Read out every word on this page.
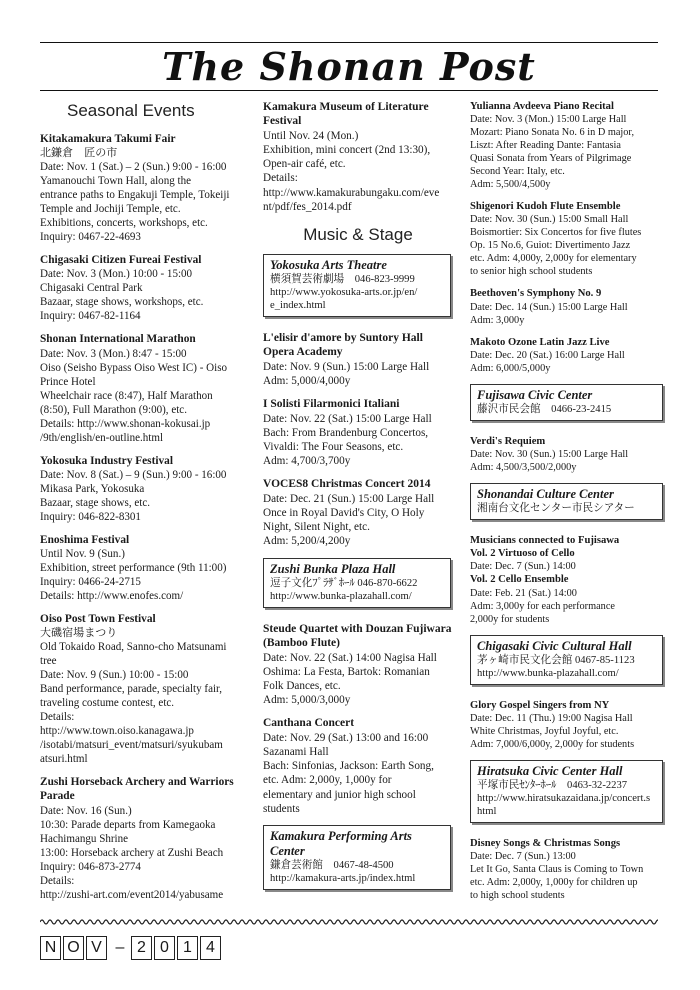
The Shonan Post
Seasonal Events
Kitakamakura Takumi Fair
北鎌倉　匠の市
Date: Nov. 1 (Sat.) – 2 (Sun.) 9:00 - 16:00
Yamanouchi Town Hall, along the
entrance paths to Engakuji Temple, Tokeiji
Temple and Jochiji Temple, etc.
Exhibitions, concerts, workshops, etc.
Inquiry: 0467-22-4693
Chigasaki Citizen Fureai Festival
Date: Nov. 3 (Mon.) 10:00 - 15:00
Chigasaki Central Park
Bazaar, stage shows, workshops, etc.
Inquiry: 0467-82-1164
Shonan International Marathon
Date: Nov. 3 (Mon.) 8:47 - 15:00
Oiso (Seisho Bypass Oiso West IC) - Oiso
Prince Hotel
Wheelchair race (8:47), Half Marathon
(8:50), Full Marathon (9:00), etc.
Details: http://www.shonan-kokusai.jp
/9th/english/en-outline.html
Yokosuka Industry Festival
Date: Nov. 8 (Sat.) – 9 (Sun.) 9:00 - 16:00
Mikasa Park, Yokosuka
Bazaar, stage shows, etc.
Inquiry: 046-822-8301
Enoshima Festival
Until Nov. 9 (Sun.)
Exhibition, street performance (9th 11:00)
Inquiry: 0466-24-2715
Details: http://www.enofes.com/
Oiso Post Town Festival
大磯宿場まつり
Old Tokaido Road, Sanno-cho Matsunami
tree
Date: Nov. 9 (Sun.) 10:00 - 15:00
Band performance, parade, specialty fair,
traveling costume contest, etc.
Details:
http://www.town.oiso.kanagawa.jp
/isotabi/matsuri_event/matsuri/syukubam
atsuri.html
Zushi Horseback Archery and Warriors Parade
Date: Nov. 16 (Sun.)
10:30: Parade departs from Kamegaoka
Hachimangu Shrine
13:00: Horseback archery at Zushi Beach
Inquiry: 046-873-2774
Details:
http://zushi-art.com/event2014/yabusame
Kamakura Museum of Literature Festival
Until Nov. 24 (Mon.)
Exhibition, mini concert (2nd 13:30),
Open-air café, etc.
Details:
http://www.kamakurabungaku.com/eve
nt/pdf/fes_2014.pdf
Music & Stage
Yokosuka Arts Theatre
横須賀芸術劇場　046-823-9999
http://www.yokosuka-arts.or.jp/en/
e_index.html
L'elisir d'amore by Suntory Hall Opera Academy
Date: Nov. 9 (Sun.) 15:00 Large Hall
Adm: 5,000/4,000y
I Solisti Filarmonici Italiani
Date: Nov. 22 (Sat.) 15:00 Large Hall
Bach: From Brandenburg Concertos,
Vivaldi: The Four Seasons, etc.
Adm: 4,700/3,700y
VOCES8 Christmas Concert 2014
Date: Dec. 21 (Sun.) 15:00 Large Hall
Once in Royal David's City, O Holy
Night, Silent Night, etc.
Adm: 5,200/4,200y
Zushi Bunka Plaza Hall
逗子文化ﾌﾟﾗｻﾞﾎｰﾙ 046-870-6622
http://www.bunka-plazahall.com/
Steude Quartet with Douzan Fujiwara (Bamboo Flute)
Date: Nov. 22 (Sat.) 14:00 Nagisa Hall
Oshima: La Festa, Bartok: Romanian
Folk Dances, etc.
Adm: 5,000/3,000y
Canthana Concert
Date: Nov. 29 (Sat.) 13:00 and 16:00
Sazanami Hall
Bach: Sinfonias, Jackson: Earth Song,
etc. Adm: 2,000y, 1,000y for
elementary and junior high school
students
Kamakura Performing Arts Center
鎌倉芸術館　0467-48-4500
http://kamakura-arts.jp/index.html
Yulianna Avdeeva Piano Recital
Date: Nov. 3 (Mon.) 15:00 Large Hall
Mozart: Piano Sonata No. 6 in D major,
Liszt: After Reading Dante: Fantasia
Quasi Sonata from Years of Pilgrimage
Second Year: Italy, etc.
Adm: 5,500/4,500y
Shigenori Kudoh Flute Ensemble
Date: Nov. 30 (Sun.) 15:00 Small Hall
Boismortier: Six Concertos for five flutes
Op. 15 No.6, Guiot: Divertimento Jazz
etc. Adm: 4,000y, 2,000y for elementary
to senior high school students
Beethoven's Symphony No. 9
Date: Dec. 14 (Sun.) 15:00 Large Hall
Adm: 3,000y
Makoto Ozone Latin Jazz Live
Date: Dec. 20 (Sat.) 16:00 Large Hall
Adm: 6,000/5,000y
Fujisawa Civic Center
藤沢市民会館　0466-23-2415
Verdi's Requiem
Date: Nov. 30 (Sun.) 15:00 Large Hall
Adm: 4,500/3,500/2,000y
Shonandai Culture Center
湘南台文化センター市民シアター
Musicians connected to Fujisawa
Vol. 2 Virtuoso of Cello
Date: Dec. 7 (Sun.) 14:00
Vol. 2 Cello Ensemble
Date: Feb. 21 (Sat.) 14:00
Adm: 3,000y for each performance
2,000y for students
Chigasaki Civic Cultural Hall
茅ヶ崎市民文化会館 0467-85-1123
http://www.bunka-plazahall.com/
Glory Gospel Singers from NY
Date: Dec. 11 (Thu.) 19:00 Nagisa Hall
White Christmas, Joyful Joyful, etc.
Adm: 7,000/6,000y, 2,000y for students
Hiratsuka Civic Center Hall
平塚市民ｾﾝﾀｰﾎｰﾙ　0463-32-2237
http://www.hiratsukazaidana.jp/concert.s
html
Disney Songs & Christmas Songs
Date: Dec. 7 (Sun.) 13:00
Let It Go, Santa Claus is Coming to Town
etc. Adm: 2,000y, 1,000y for children up
to high school students
N O V – 2 0 1 4
